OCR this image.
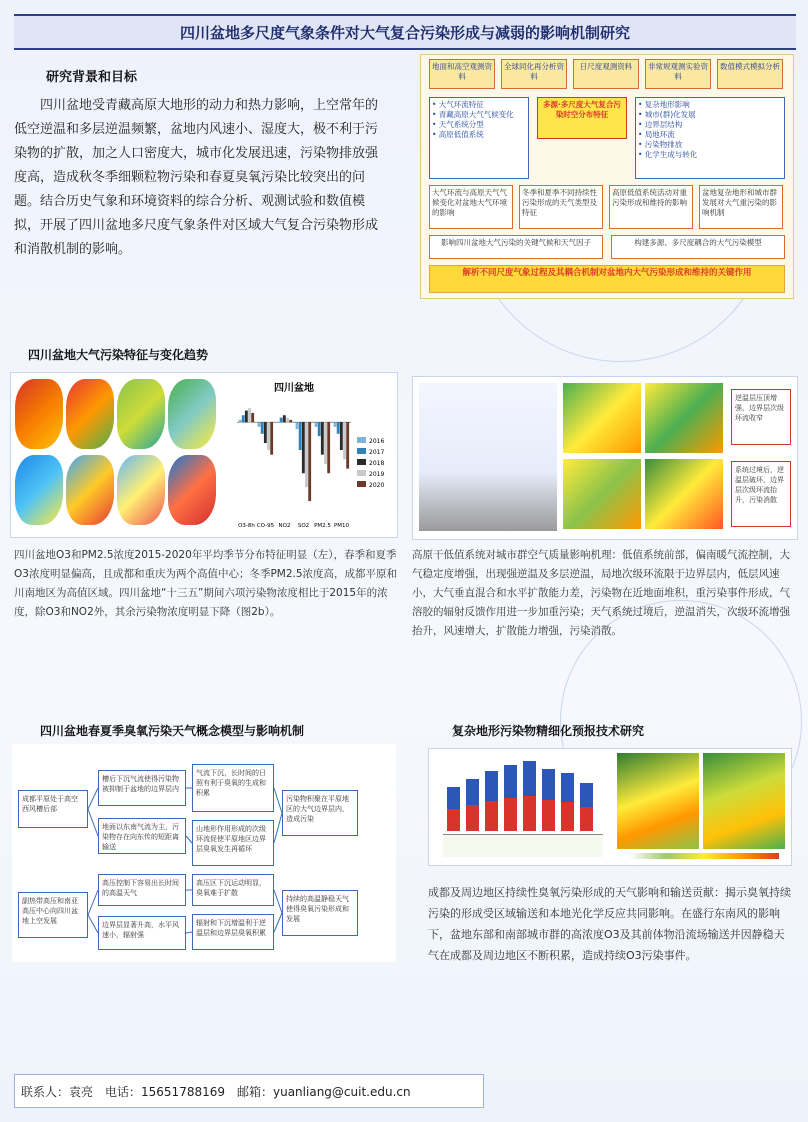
四川盆地多尺度气象条件对大气复合污染形成与减弱的影响机制研究
研究背景和目标
四川盆地受青藏高原大地形的动力和热力影响，上空常年的低空逆温和多层逆温频繁，盆地内风速小、湿度大，极不利于污染物的扩散，加之人口密度大，城市化发展迅速，污染物排放强度高，造成秋冬季细颗粒物污染和春夏臭氧污染比较突出的问题。结合历史气象和环境资料的综合分析、观测试验和数值模拟，开展了四川盆地多尺度气象条件对区域大气复合污染物形成和消散机制的影响。
地面和高空观测资料
全球同化再分析资料
日尺度观测资料	非常规观测实验资料
数值模式模拟分析
• 大气环流特征
• 青藏高原大气气候变化
• 天气系统分型
• 高原低值系统
多源·多尺度大气复合污染时空分布特征
• 复杂地形影响
• 城市(群)化发展
• 边界层结构
• 局地环流
• 污染物排放
• 化学生成与转化
大气环流与高原天气气候变化对盆地大气环境的影响
冬季和夏季不同持续性污染形成的天气类型及特征
高原低值系统活动对重污染形成和维持的影响
盆地复杂地形和城市群发展对大气重污染的影响机制
影响四川盆地大气污染的关键气候和天气因子	构建多源、多尺度耦合的大气污染模型
解析不同尺度气象过程及其耦合机制对盆地内大气污染形成和维持的关键作用
四川盆地大气污染特征与变化趋势
四川盆地
O3-8h CO-95 NO2 SO2 PM2.5 PM10
2016
2017
2018
2019
2020
四川盆地O3和PM2.5浓度2015-2020年平均季节分布特征明显（左），春季和夏季O3浓度明显偏高，且成都和重庆为两个高值中心；冬季PM2.5浓度高，成都平原和川南地区为高值区域。四川盆地“十三五”期间六项污染物浓度相比于2015年的浓度，除O3和NO2外，其余污染物浓度明显下降（图2b）。
逆温层压顶增强，边界层次级环流收窄
系统过境后，逆温层破坏，边界层次级环流抬升，污染消散
高原干低值系统对城市群空气质量影响机理：低值系统前部，偏南暖气流控制，大气稳定度增强，出现强逆温及多层逆温，局地次级环流限于边界层内，低层风速小，大气垂直混合和水平扩散能力差，污染物在近地面堆积，重污染事件形成，气溶胶的辐射反馈作用进一步加重污染；天气系统过境后，逆温消失，次级环流增强抬升，风速增大，扩散能力增强，污染消散。
四川盆地春夏季臭氧污染天气概念模型与影响机制
成都平原处于高空西风槽后部
副热带高压和南亚高压中心向四川盆地上空发展
槽后下沉气流使得污染物被抑制于盆地的边界层内
地面以东南气流为主，污染物存在向东传的短距离输送
高压控制下容易出长时间的高温天气
边界层显著升高，水平风速小，辐射强
气流下沉，长时间的日照有利于臭氧的生成和积累
山地形作用形成的次级环流促使平原地区边界层臭氧发生再循环
高压区下沉运动明显，臭氧难于扩散
辐射和下沉增温利于逆温层和边界层臭氧积累
污染物积聚在平原地区的大气边界层内，造成污染
持续的高温静稳天气使得臭氧污染形成和发展
复杂地形污染物精细化预报技术研究
成都及周边地区持续性臭氧污染形成的天气影响和输送贡献：揭示臭氧持续污染的形成受区域输送和本地光化学反应共同影响。在盛行东南风的影响下，盆地东部和南部城市群的高浓度O3及其前体物沿流场输送并因静稳天气在成都及周边地区不断积累，造成持续O3污染事件。
联系人：袁亮 电话：15651788169 邮箱：yuanliang@cuit.edu.cn
